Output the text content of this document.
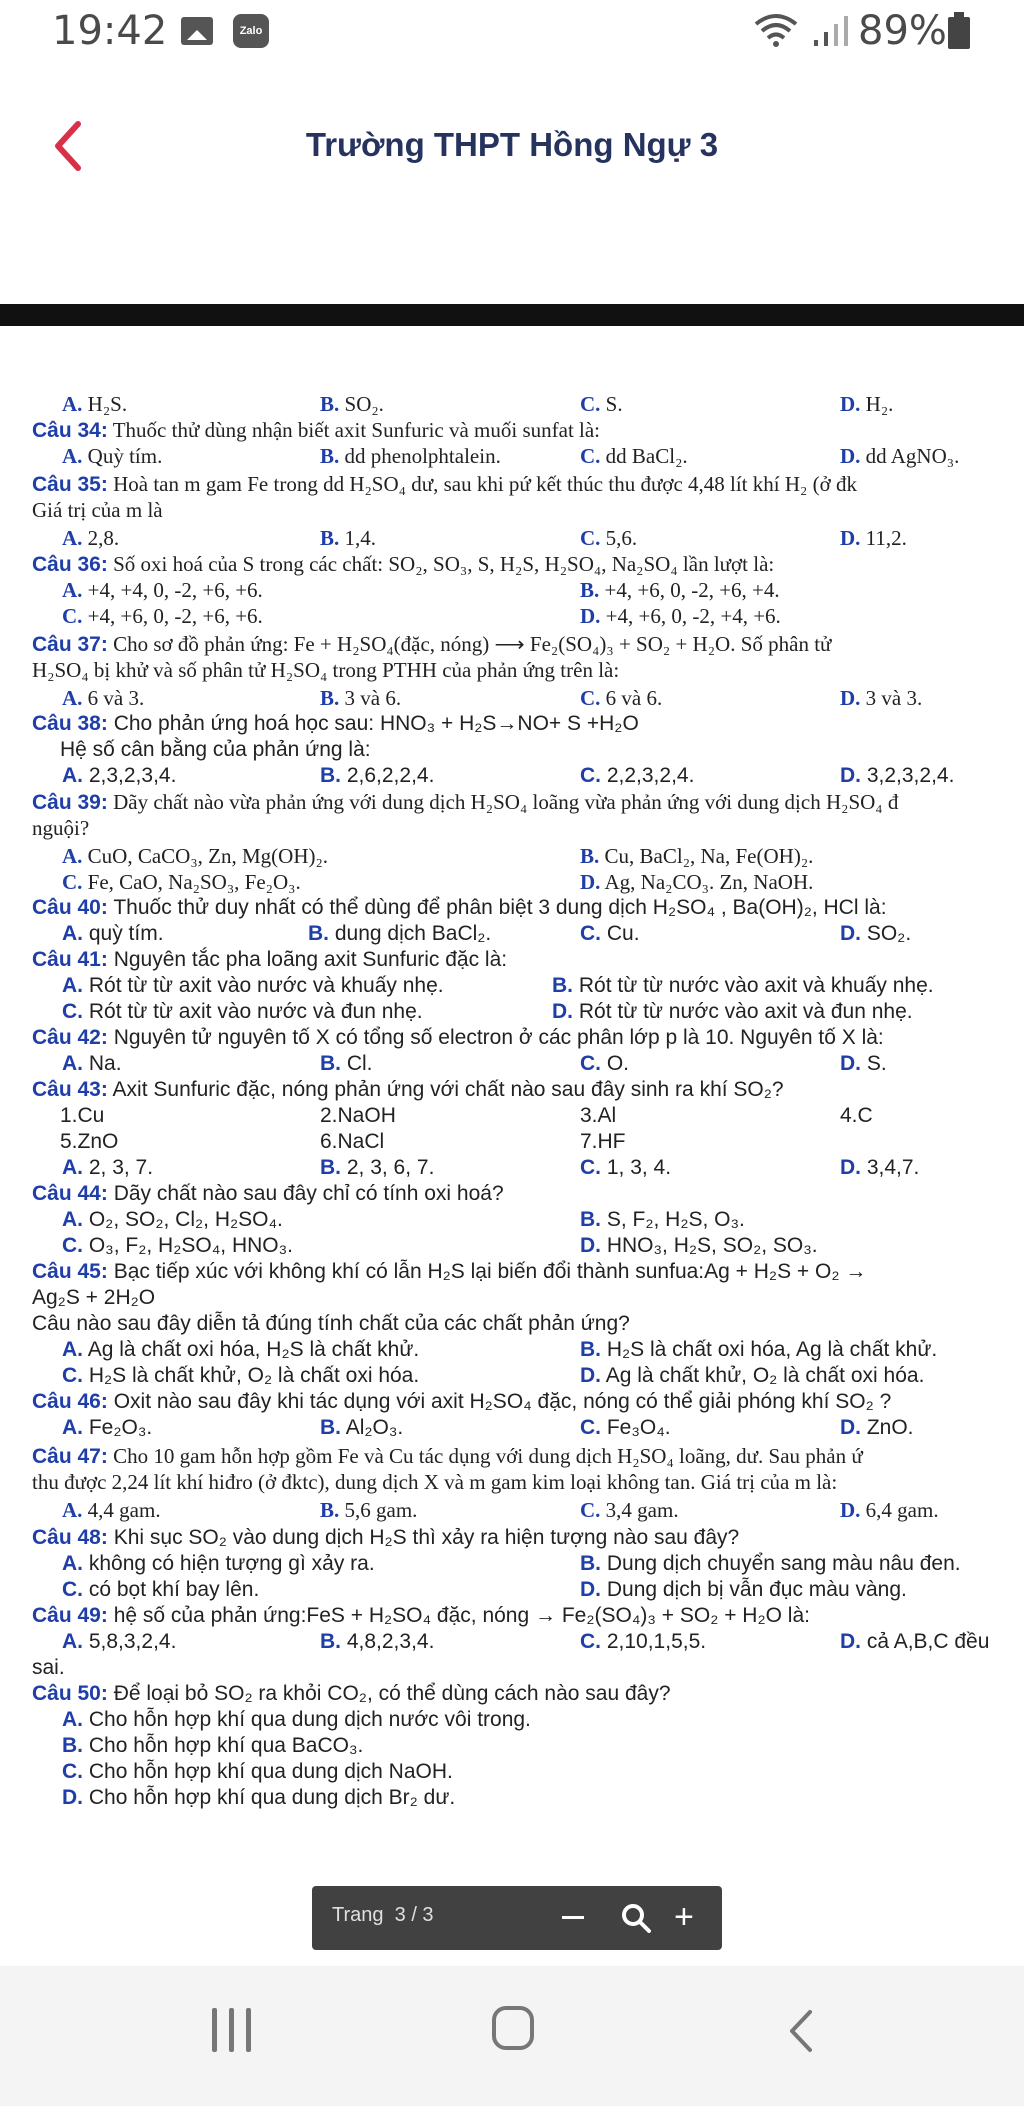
19:42	Zalo	89%
Trường THPT Hồng Ngự 3
A. H₂S.	B. SO₂.	C. S.	D. H₂.
Câu 34: Thuốc thử dùng nhận biết axit Sunfuric và muối sunfat là:
A. Quỳ tím.	B. dd phenolphtalein.	C. dd BaCl₂.	D. dd AgNO₃.
Câu 35: Hoà tan m gam Fe trong dd H₂SO₄ dư, sau khi pứ kết thúc thu được 4,48 lít khí H₂ (ở đk
Giá trị của m là
A. 2,8.	B. 1,4.	C. 5,6.	D. 11,2.
Câu 36: Số oxi hoá của S trong các chất: SO₂, SO₃, S, H₂S, H₂SO₄, Na₂SO₄ lần lượt là:
A. +4, +4, 0, -2, +6, +6.	B. +4, +6, 0, -2, +6, +4.
C. +4, +6, 0, -2, +6, +6.	D. +4, +6, 0, -2, +4, +6.
Câu 37: Cho sơ đồ phản ứng: Fe + H₂SO₄(đặc, nóng) ⟶ Fe₂(SO₄)₃ + SO₂ + H₂O. Số phân tử
H₂SO₄ bị khử và số phân tử H₂SO₄ trong PTHH của phản ứng trên là:
A. 6 và 3.	B. 3 và 6.	C. 6 và 6.	D. 3 và 3.
Câu 38: Cho phản ứng hoá học sau: HNO₃ + H₂S→NO+ S +H₂O
Hệ số cân bằng của phản ứng là:
A. 2,3,2,3,4.	B. 2,6,2,2,4.	C. 2,2,3,2,4.	D. 3,2,3,2,4.
Câu 39: Dãy chất nào vừa phản ứng với dung dịch H₂SO₄ loãng vừa phản ứng với dung dịch H₂SO₄ đ
nguội?
A. CuO, CaCO₃, Zn, Mg(OH)₂.	B. Cu, BaCl₂, Na, Fe(OH)₂.
C. Fe, CaO, Na₂SO₃, Fe₂O₃.	D. Ag, Na₂CO₃. Zn, NaOH.
Câu 40: Thuốc thử duy nhất có thể dùng để phân biệt 3 dung dịch H₂SO₄ , Ba(OH)₂, HCl là:
A. quỳ tím.	B. dung dịch BaCl₂.	C. Cu.	D. SO₂.
Câu 41: Nguyên tắc pha loãng axit Sunfuric đặc là:
A. Rót từ từ axit vào nước và khuấy nhẹ.	B. Rót từ từ nước vào axit và khuấy nhẹ.
C. Rót từ từ axit vào nước và đun nhẹ.	D. Rót từ từ nước vào axit và đun nhẹ.
Câu 42: Nguyên tử nguyên tố X có tổng số electron ở các phân lớp p là 10. Nguyên tố X là:
A. Na.	B. Cl.	C. O.	D. S.
Câu 43: Axit Sunfuric đặc, nóng phản ứng với chất nào sau đây sinh ra khí SO₂?
1.Cu	2.NaOH	3.Al	4.C
5.ZnO	6.NaCl	7.HF
A. 2, 3, 7.	B. 2, 3, 6, 7.	C. 1, 3, 4.	D. 3,4,7.
Câu 44: Dãy chất nào sau đây chỉ có tính oxi hoá?
A. O₂, SO₂, Cl₂, H₂SO₄.	B. S, F₂, H₂S, O₃.
C. O₃, F₂, H₂SO₄, HNO₃.	D. HNO₃, H₂S, SO₂, SO₃.
Câu 45: Bạc tiếp xúc với không khí có lẫn H₂S lại biến đổi thành sunfua:Ag + H₂S + O₂ →
Ag₂S + 2H₂O
Câu nào sau đây diễn tả đúng tính chất của các chất phản ứng?
A. Ag là chất oxi hóa, H₂S là chất khử.	B. H₂S là chất oxi hóa, Ag là chất khử.
C. H₂S là chất khử, O₂ là chất oxi hóa.	D. Ag là chất khử, O₂ là chất oxi hóa.
Câu 46: Oxit nào sau đây khi tác dụng với axit H₂SO₄ đặc, nóng có thể giải phóng khí SO₂ ?
A. Fe₂O₃.	B. Al₂O₃.	C. Fe₃O₄.	D. ZnO.
Câu 47: Cho 10 gam hỗn hợp gồm Fe và Cu tác dụng với dung dịch H₂SO₄ loãng, dư. Sau phản ứ
thu được 2,24 lít khí hiđro (ở đktc), dung dịch X và m gam kim loại không tan. Giá trị của m là:
A. 4,4 gam.	B. 5,6 gam.	C. 3,4 gam.	D. 6,4 gam.
Câu 48: Khi sục SO₂ vào dung dịch H₂S thì xảy ra hiện tượng nào sau đây?
A. không có hiện tượng gì xảy ra.	B. Dung dịch chuyển sang màu nâu đen.
C. có bọt khí bay lên.	D. Dung dịch bị vẫn đục màu vàng.
Câu 49: hệ số của phản ứng:FeS + H₂SO₄ đặc, nóng → Fe₂(SO₄)₃ + SO₂ + H₂O là:
A. 5,8,3,2,4.	B. 4,8,2,3,4.	C. 2,10,1,5,5.	D. cả A,B,C đều
sai.
Câu 50: Để loại bỏ SO₂ ra khỏi CO₂, có thể dùng cách nào sau đây?
A. Cho hỗn hợp khí qua dung dịch nước vôi trong.
B. Cho hỗn hợp khí qua BaCO₃.
C. Cho hỗn hợp khí qua dung dịch NaOH.
D. Cho hỗn hợp khí qua dung dịch Br₂ dư.
Trang 3 / 3	+
